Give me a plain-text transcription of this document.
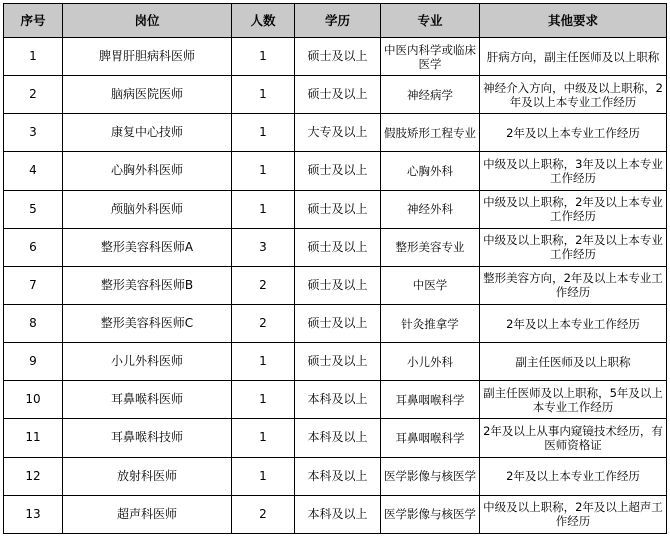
序号	岗位	人数	学历	专业	其他要求
1	脾胃肝胆病科医师	1	硕士及以上	中医内科学或临床医学	肝病方向，副主任医师及以上职称
2	脑病医院医师	1	硕士及以上	神经病学	神经介入方向，中级及以上职称，2年及以上本专业工作经历
3	康复中心技师	1	大专及以上	假肢矫形工程专业	2年及以上本专业工作经历
4	心胸外科医师	1	硕士及以上	心胸外科	中级及以上职称，3年及以上本专业工作经历
5	颅脑外科医师	1	硕士及以上	神经外科	中级及以上职称，2年及以上本专业工作经历
6	整形美容科医师A	3	硕士及以上	整形美容专业	中级及以上职称，2年及以上本专业工作经历
7	整形美容科医师B	2	硕士及以上	中医学	整形美容方向，2年及以上本专业工作经历
8	整形美容科医师C	2	硕士及以上	针灸推拿学	2年及以上本专业工作经历
9	小儿外科医师	1	硕士及以上	小儿外科	副主任医师及以上职称
10	耳鼻喉科医师	1	本科及以上	耳鼻咽喉科学	副主任医师及以上职称，5年及以上本专业工作经历
11	耳鼻喉科技师	1	本科及以上	耳鼻咽喉科学	2年及以上从事内窥镜技术经历，有医师资格证
12	放射科医师	1	本科及以上	医学影像与核医学	2年及以上本专业工作经历
13	超声科医师	2	本科及以上	医学影像与核医学	中级及以上职称，2年及以上超声工作经历
